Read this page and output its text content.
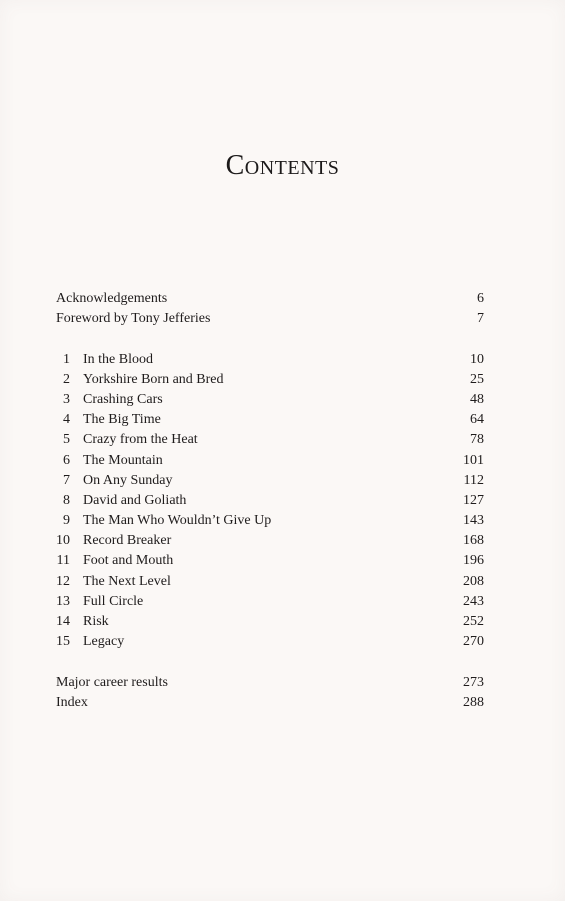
Contents
Acknowledgements	6
Foreword by Tony Jefferies	7
1 In the Blood	10
2 Yorkshire Born and Bred	25
3 Crashing Cars	48
4 The Big Time	64
5 Crazy from the Heat	78
6 The Mountain	101
7 On Any Sunday	112
8 David and Goliath	127
9 The Man Who Wouldn’t Give Up	143
10 Record Breaker	168
11 Foot and Mouth	196
12 The Next Level	208
13 Full Circle	243
14 Risk	252
15 Legacy	270
Major career results	273
Index	288
